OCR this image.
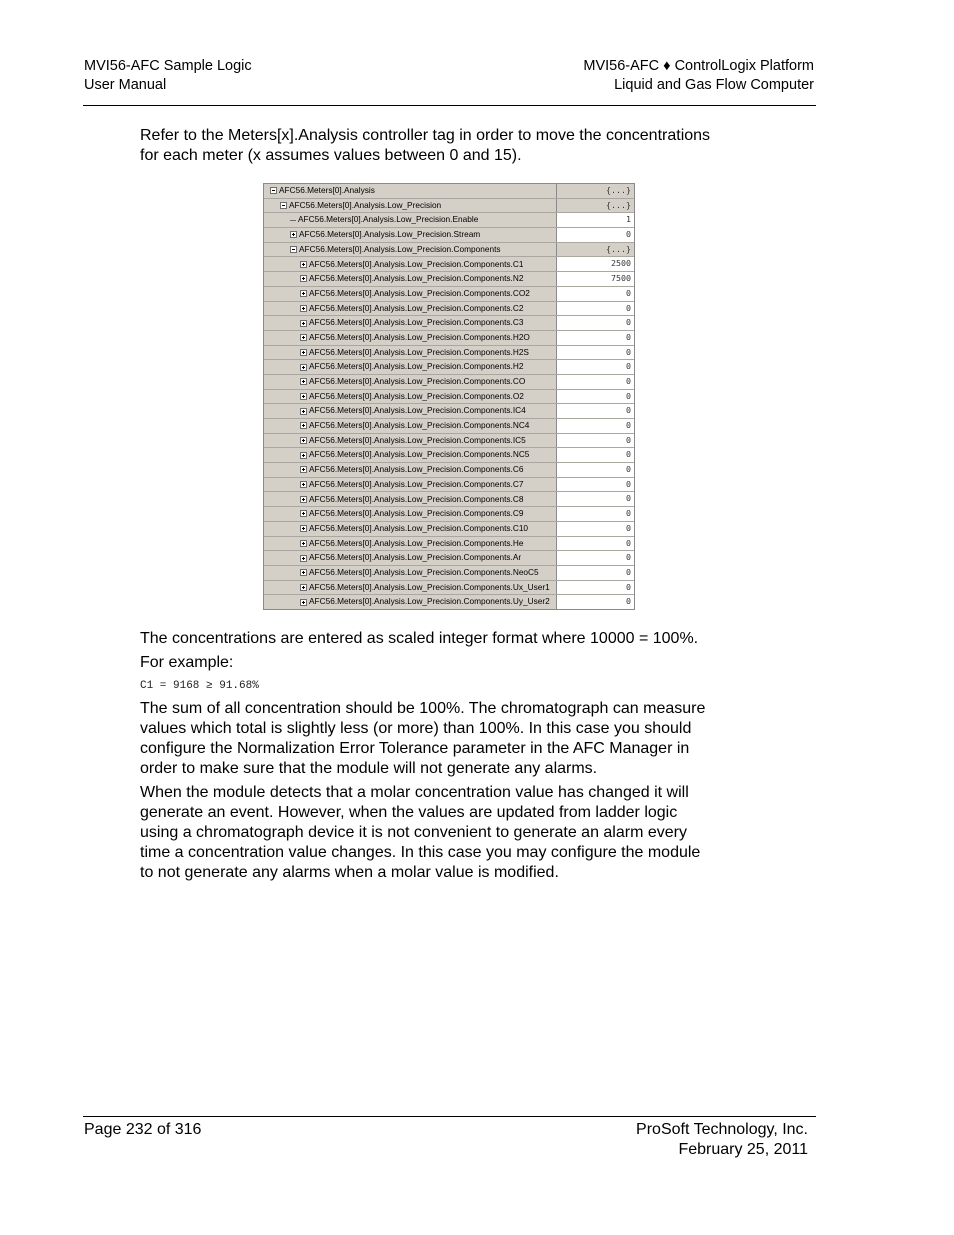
MVI56-AFC Sample Logic
User Manual
MVI56-AFC ♦ ControlLogix Platform
Liquid and Gas Flow Computer

Refer to the Meters[x].Analysis controller tag in order to move the concentrations

for each meter (x assumes values between 0 and 15).

AFC56.Meters[0].Analysis	{...}
AFC56.Meters[0].Analysis.Low_Precision	{...}
AFC56.Meters[0].Analysis.Low_Precision.Enable	1
AFC56.Meters[0].Analysis.Low_Precision.Stream	0
AFC56.Meters[0].Analysis.Low_Precision.Components	{...}
AFC56.Meters[0].Analysis.Low_Precision.Components.C1	2500
AFC56.Meters[0].Analysis.Low_Precision.Components.N2	7500
AFC56.Meters[0].Analysis.Low_Precision.Components.CO2	0
AFC56.Meters[0].Analysis.Low_Precision.Components.C2	0
AFC56.Meters[0].Analysis.Low_Precision.Components.C3	0
AFC56.Meters[0].Analysis.Low_Precision.Components.H2O	0
AFC56.Meters[0].Analysis.Low_Precision.Components.H2S	0
AFC56.Meters[0].Analysis.Low_Precision.Components.H2	0
AFC56.Meters[0].Analysis.Low_Precision.Components.CO	0
AFC56.Meters[0].Analysis.Low_Precision.Components.O2	0
AFC56.Meters[0].Analysis.Low_Precision.Components.IC4	0
AFC56.Meters[0].Analysis.Low_Precision.Components.NC4	0
AFC56.Meters[0].Analysis.Low_Precision.Components.IC5	0
AFC56.Meters[0].Analysis.Low_Precision.Components.NC5	0
AFC56.Meters[0].Analysis.Low_Precision.Components.C6	0
AFC56.Meters[0].Analysis.Low_Precision.Components.C7	0
AFC56.Meters[0].Analysis.Low_Precision.Components.C8	0
AFC56.Meters[0].Analysis.Low_Precision.Components.C9	0
AFC56.Meters[0].Analysis.Low_Precision.Components.C10	0
AFC56.Meters[0].Analysis.Low_Precision.Components.He	0
AFC56.Meters[0].Analysis.Low_Precision.Components.Ar	0
AFC56.Meters[0].Analysis.Low_Precision.Components.NeoC5	0
AFC56.Meters[0].Analysis.Low_Precision.Components.Ux_User1	0
AFC56.Meters[0].Analysis.Low_Precision.Components.Uy_User2	0

The concentrations are entered as scaled integer format where 10000 = 100%.

For example:

C1 = 9168 ≥ 91.68%

The sum of all concentration should be 100%. The chromatograph can measure

values which total is slightly less (or more) than 100%. In this case you should

configure the Normalization Error Tolerance parameter in the AFC Manager in

order to make sure that the module will not generate any alarms.

When the module detects that a molar concentration value has changed it will

generate an event. However, when the values are updated from ladder logic

using a chromatograph device it is not convenient to generate an alarm every

time a concentration value changes. In this case you may configure the module

to not generate any alarms when a molar value is modified.

Page 232 of 316	ProSoft Technology, Inc.
February 25, 2011
